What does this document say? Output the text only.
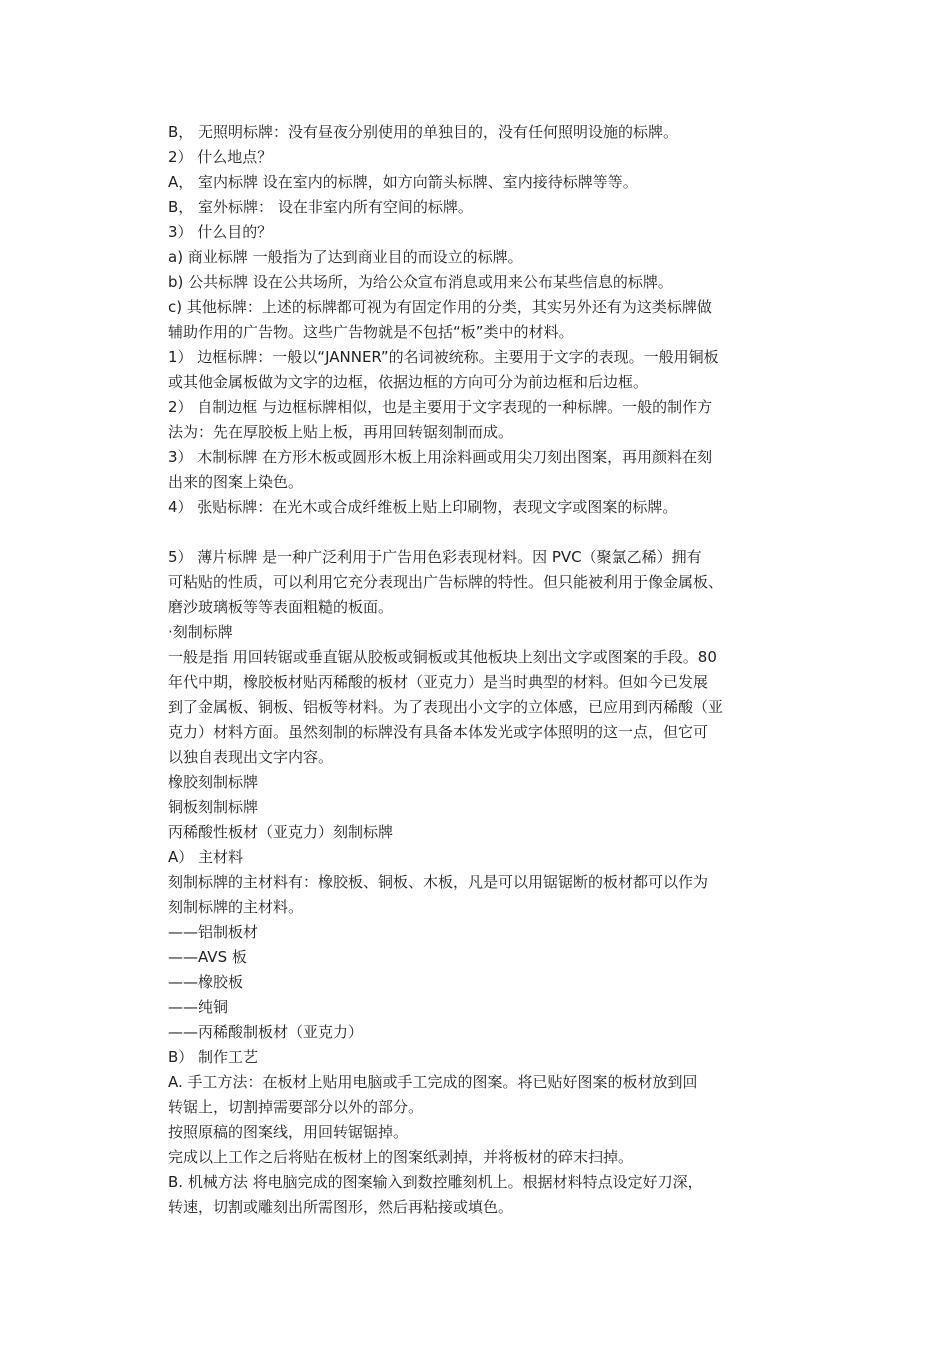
B， 无照明标牌：没有昼夜分别使用的单独目的，没有任何照明设施的标牌。
2） 什么地点？
A， 室内标牌 设在室内的标牌，如方向箭头标牌、室内接待标牌等等。
B， 室外标牌： 设在非室内所有空间的标牌。
3） 什么目的？
a) 商业标牌 一般指为了达到商业目的而设立的标牌。
b) 公共标牌 设在公共场所，为给公众宣布消息或用来公布某些信息的标牌。
c) 其他标牌：上述的标牌都可视为有固定作用的分类，其实另外还有为这类标牌做
辅助作用的广告物。这些广告物就是不包括“板”类中的材料。
1） 边框标牌：一般以“JANNER”的名词被统称。主要用于文字的表现。一般用铜板
或其他金属板做为文字的边框，依据边框的方向可分为前边框和后边框。
2） 自制边框 与边框标牌相似，也是主要用于文字表现的一种标牌。一般的制作方
法为：先在厚胶板上贴上板，再用回转锯刻制而成。
3） 木制标牌 在方形木板或圆形木板上用涂料画或用尖刀刻出图案，再用颜料在刻
出来的图案上染色。
4） 张贴标牌：在光木或合成纤维板上贴上印刷物，表现文字或图案的标牌。
5） 薄片标牌 是一种广泛利用于广告用色彩表现材料。因 PVC（聚氯乙稀）拥有
可粘贴的性质，可以利用它充分表现出广告标牌的特性。但只能被利用于像金属板、
磨沙玻璃板等等表面粗糙的板面。
·刻制标牌
一般是指 用回转锯或垂直锯从胶板或铜板或其他板块上刻出文字或图案的手段。80
年代中期，橡胶板材贴丙稀酸的板材（亚克力）是当时典型的材料。但如今已发展
到了金属板、铜板、铝板等材料。为了表现出小文字的立体感，已应用到丙稀酸（亚
克力）材料方面。虽然刻制的标牌没有具备本体发光或字体照明的这一点，但它可
以独自表现出文字内容。
橡胶刻制标牌
铜板刻制标牌
丙稀酸性板材（亚克力）刻制标牌
A） 主材料
刻制标牌的主材料有：橡胶板、铜板、木板，凡是可以用锯锯断的板材都可以作为
刻制标牌的主材料。
——铝制板材
——AVS 板
——橡胶板
——纯铜
——丙稀酸制板材（亚克力）
B） 制作工艺
A. 手工方法：在板材上贴用电脑或手工完成的图案。将已贴好图案的板材放到回
转锯上，切割掉需要部分以外的部分。
按照原稿的图案线，用回转锯锯掉。
完成以上工作之后将贴在板材上的图案纸剥掉，并将板材的碎末扫掉。
B. 机械方法 将电脑完成的图案输入到数控雕刻机上。根据材料特点设定好刀深，
转速，切割或雕刻出所需图形，然后再粘接或填色。
